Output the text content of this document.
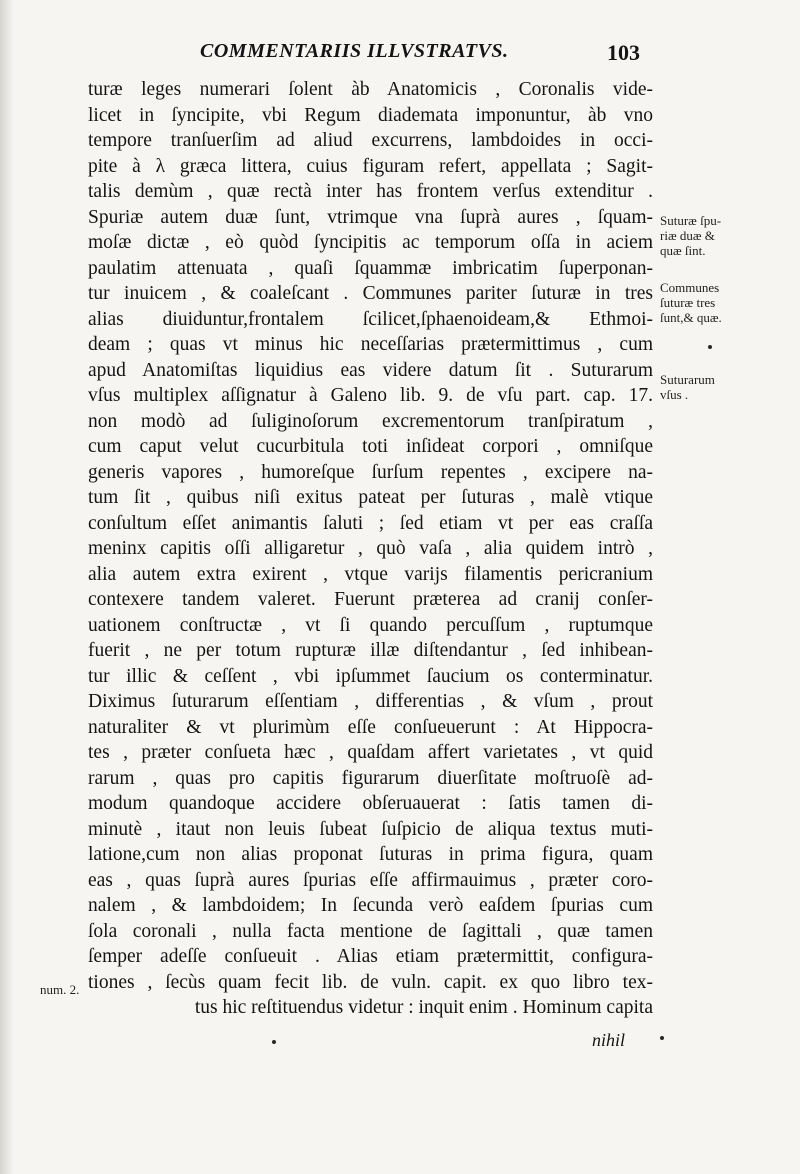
COMMENTARIIS ILLVSTRATVS.	103
turæ leges numerari ſolent àb Anatomicis , Coronalis vide-
licet in ſyncipite, vbi Regum diademata imponuntur, àb vno
tempore tranſuerſim ad aliud excurrens, lambdoides in occi-
pite à λ græca littera, cuius figuram refert, appellata ; Sagit-
talis demùm , quæ rectà inter has frontem verſus extenditur .
Spuriæ autem duæ ſunt, vtrimque vna ſuprà aures , ſquam-
moſæ dictæ , eò quòd ſyncipitis ac temporum oſſa in aciem
paulatim attenuata , quaſi ſquammæ imbricatim ſuperponan-
tur inuicem , & coaleſcant . Communes pariter ſuturæ in tres
alias diuiduntur,frontalem ſcilicet,ſphaenoideam,& Ethmoi-
deam ; quas vt minus hic neceſſarias prætermittimus , cum
apud Anatomiſtas liquidius eas videre datum ſit . Suturarum
vſus multiplex aſſignatur à Galeno lib. 9. de vſu part. cap. 17.
non modò ad ſuliginoſorum excrementorum tranſpiratum ,
cum caput velut cucurbitula toti inſideat corpori , omniſque
generis vapores , humoreſque ſurſum repentes , excipere na-
tum ſit , quibus niſi exitus pateat per ſuturas , malè vtique
conſultum eſſet animantis ſaluti ; ſed etiam vt per eas craſſa
meninx capitis oſſi alligaretur , quò vaſa , alia quidem intrò ,
alia autem extra exirent , vtque varijs filamentis pericranium
contexere tandem valeret. Fuerunt præterea ad cranij conſer-
uationem conſtructæ , vt ſi quando percuſſum , ruptumque
fuerit , ne per totum rupturæ illæ diſtendantur , ſed inhibean-
tur illic & ceſſent , vbi ipſummet ſaucium os conterminatur.
Diximus ſuturarum eſſentiam , differentias , & vſum , prout
naturaliter & vt plurimùm eſſe conſueuerunt : At Hippocra-
tes , præter conſueta hæc , quaſdam affert varietates , vt quid
rarum , quas pro capitis figurarum diuerſitate moſtruoſè ad-
modum quandoque accidere obſeruauerat : ſatis tamen di-
minutè , itaut non leuis ſubeat ſuſpicio de aliqua textus muti-
latione,cum non alias proponat ſuturas in prima figura, quam
eas , quas ſuprà aures ſpurias eſſe affirmauimus , præter coro-
nalem , & lambdoidem; In ſecunda verò eaſdem ſpurias cum
ſola coronali , nulla facta mentione de ſagittali , quæ tamen
ſemper adeſſe conſueuit . Alias etiam prætermittit, configura-
tiones , ſecùs quam fecit lib. de vuln. capit. ex quo libro tex-
tus hic reſtituendus videtur : inquit enim . Hominum capita
Suturæ ſpu-
riæ duæ &
quæ ſint.
Communes
ſuturæ tres
ſunt,& quæ.
Suturarum
vſus .
num. 2.
nihil
